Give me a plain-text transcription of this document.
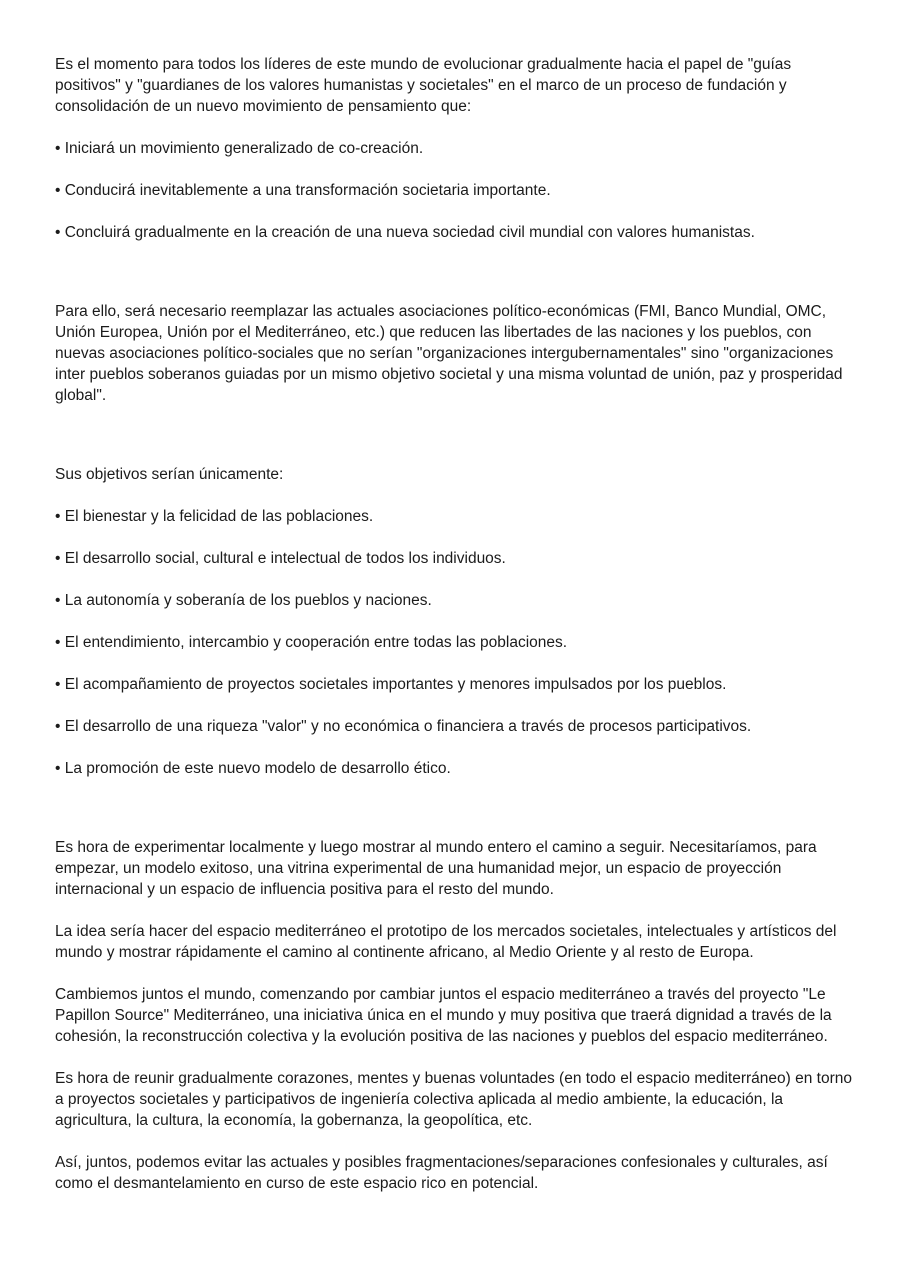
Es el momento para todos los líderes de este mundo de evolucionar gradualmente hacia el papel de "guías positivos" y "guardianes de los valores humanistas y societales" en el marco de un proceso de fundación y consolidación de un nuevo movimiento de pensamiento que:

• Iniciará un movimiento generalizado de co-creación.

• Conducirá inevitablemente a una transformación societaria importante.

• Concluirá gradualmente en la creación de una nueva sociedad civil mundial con valores humanistas.

Para ello, será necesario reemplazar las actuales asociaciones político-económicas (FMI, Banco Mundial, OMC, Unión Europea, Unión por el Mediterráneo, etc.) que reducen las libertades de las naciones y los pueblos, con nuevas asociaciones político-sociales que no serían "organizaciones intergubernamentales" sino "organizaciones inter pueblos soberanos guiadas por un mismo objetivo societal y una misma voluntad de unión, paz y prosperidad global".

Sus objetivos serían únicamente:

• El bienestar y la felicidad de las poblaciones.

• El desarrollo social, cultural e intelectual de todos los individuos.

• La autonomía y soberanía de los pueblos y naciones.

• El entendimiento, intercambio y cooperación entre todas las poblaciones.

• El acompañamiento de proyectos societales importantes y menores impulsados por los pueblos.

• El desarrollo de una riqueza "valor" y no económica o financiera a través de procesos participativos.

• La promoción de este nuevo modelo de desarrollo ético.

Es hora de experimentar localmente y luego mostrar al mundo entero el camino a seguir. Necesitaríamos, para empezar, un modelo exitoso, una vitrina experimental de una humanidad mejor, un espacio de proyección internacional y un espacio de influencia positiva para el resto del mundo.

La idea sería hacer del espacio mediterráneo el prototipo de los mercados societales, intelectuales y artísticos del mundo y mostrar rápidamente el camino al continente africano, al Medio Oriente y al resto de Europa.

Cambiemos juntos el mundo, comenzando por cambiar juntos el espacio mediterráneo a través del proyecto "Le Papillon Source" Mediterráneo, una iniciativa única en el mundo y muy positiva que traerá dignidad a través de la cohesión, la reconstrucción colectiva y la evolución positiva de las naciones y pueblos del espacio mediterráneo.

Es hora de reunir gradualmente corazones, mentes y buenas voluntades (en todo el espacio mediterráneo) en torno a proyectos societales y participativos de ingeniería colectiva aplicada al medio ambiente, la educación, la agricultura, la cultura, la economía, la gobernanza, la geopolítica, etc.

Así, juntos, podemos evitar las actuales y posibles fragmentaciones/separaciones confesionales y culturales, así como el desmantelamiento en curso de este espacio rico en potencial.
